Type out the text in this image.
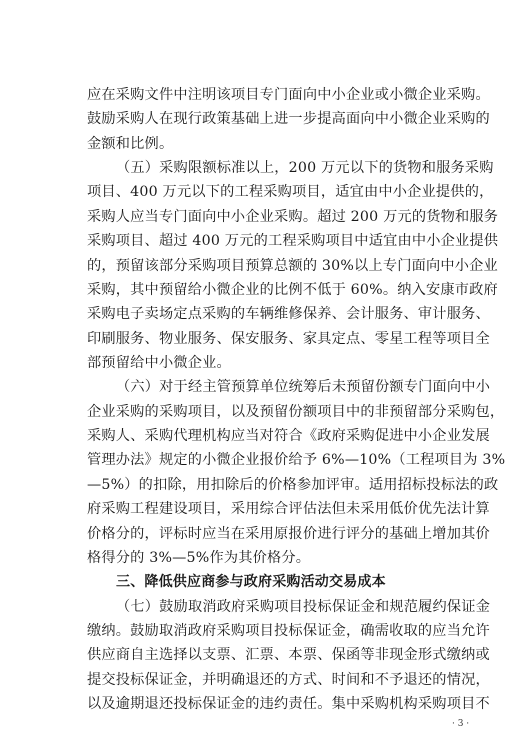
应在采购文件中注明该项目专门面向中小企业或小微企业采购。
鼓励采购人在现行政策基础上进一步提高面向中小微企业采购的
金额和比例。
（五）采购限额标准以上，200 万元以下的货物和服务采购
项目、400 万元以下的工程采购项目，适宜由中小企业提供的，
采购人应当专门面向中小企业采购。超过 200 万元的货物和服务
采购项目、超过 400 万元的工程采购项目中适宜由中小企业提供
的，预留该部分采购项目预算总额的 30%以上专门面向中小企业
采购，其中预留给小微企业的比例不低于 60%。纳入安康市政府
采购电子卖场定点采购的车辆维修保养、会计服务、审计服务、
印刷服务、物业服务、保安服务、家具定点、零星工程等项目全
部预留给中小微企业。
（六）对于经主管预算单位统筹后未预留份额专门面向中小
企业采购的采购项目，以及预留份额项目中的非预留部分采购包，
采购人、采购代理机构应当对符合《政府采购促进中小企业发展
管理办法》规定的小微企业报价给予 6%—10%（工程项目为 3%
—5%）的扣除，用扣除后的价格参加评审。适用招标投标法的政
府采购工程建设项目，采用综合评估法但未采用低价优先法计算
价格分的，评标时应当在采用原报价进行评分的基础上增加其价
格得分的 3%—5%作为其价格分。
三、降低供应商参与政府采购活动交易成本
（七）鼓励取消政府采购项目投标保证金和规范履约保证金
缴纳。鼓励取消政府采购项目投标保证金，确需收取的应当允许
供应商自主选择以支票、汇票、本票、保函等非现金形式缴纳或
提交投标保证金，并明确退还的方式、时间和不予退还的情况，
以及逾期退还投标保证金的违约责任。集中采购机构采购项目不
· 3 ·
